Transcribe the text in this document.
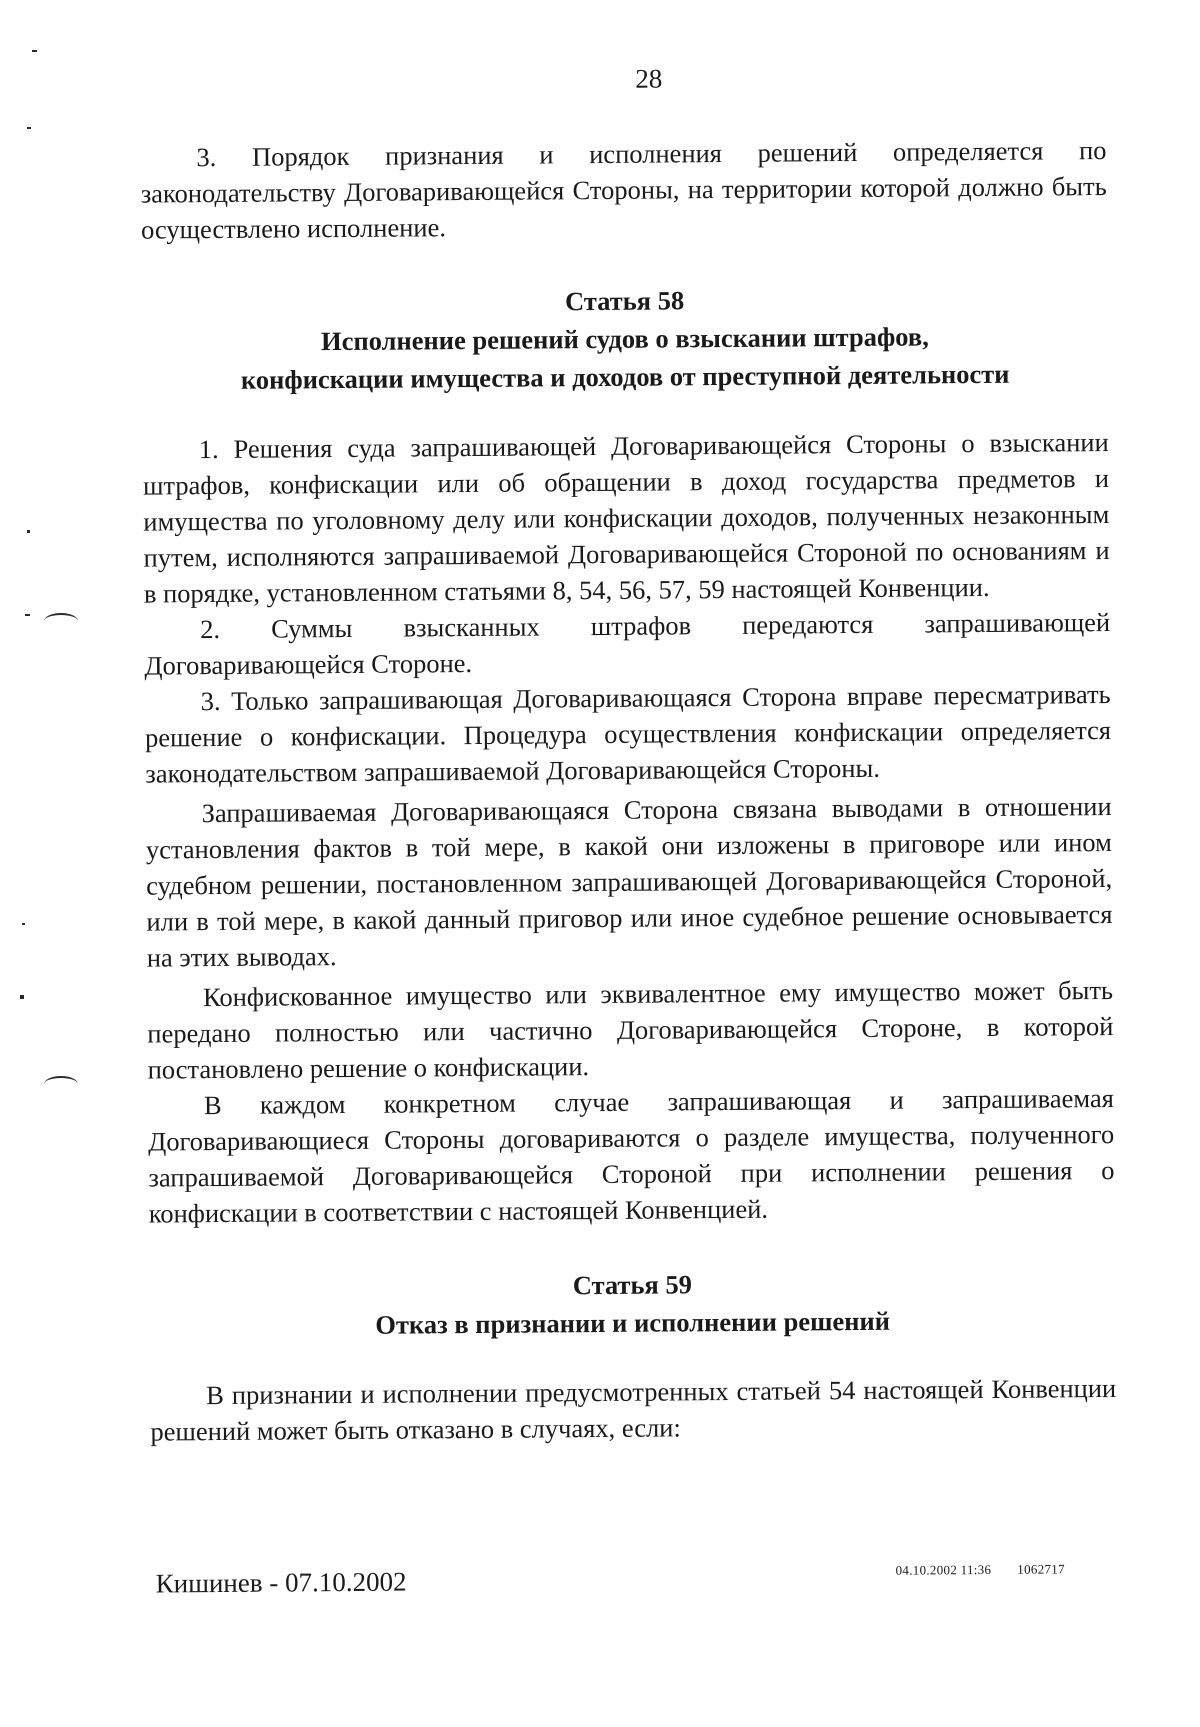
28

3. Порядок признания и исполнения решений определяется по

законодательству Договаривающейся Стороны, на территории которой должно быть осуществлено исполнение.

Статья 58
Исполнение решений судов о взыскании штрафов,
конфискации имущества и доходов от преступной деятельности

1. Решения суда запрашивающей Договаривающейся Стороны о взыскании штрафов, конфискации или об обращении в доход государства предметов и имущества по уголовному делу или конфискации доходов, полученных незаконным путем, исполняются запрашиваемой Договаривающейся Стороной по основаниям и в порядке, установленном статьями 8, 54, 56, 57, 59 настоящей Конвенции.

2. Суммы взысканных штрафов передаются запрашивающей Договаривающейся Стороне.

3. Только запрашивающая Договаривающаяся Сторона вправе пересматривать решение о конфискации. Процедура осуществления конфискации определяется законодательством запрашиваемой Договаривающейся Стороны.

Запрашиваемая Договаривающаяся Сторона связана выводами в отношении установления фактов в той мере, в какой они изложены в приговоре или ином судебном решении, постановленном запрашивающей Договаривающейся Стороной, или в той мере, в какой данный приговор или иное судебное решение основывается на этих выводах.

Конфискованное имущество или эквивалентное ему имущество может быть передано полностью или частично Договаривающейся Стороне, в которой постановлено решение о конфискации.

В каждом конкретном случае запрашивающая и запрашиваемая Договаривающиеся Стороны договариваются о разделе имущества, полученного запрашиваемой Договаривающейся Стороной при исполнении решения о конфискации в соответствии с настоящей Конвенцией.

Статья 59
Отказ в признании и исполнении решений

В признании и исполнении предусмотренных статьей 54 настоящей Конвенции решений может быть отказано в случаях, если:

Кишинев - 07.10.2002	04.10.2002 11:36 1062717
